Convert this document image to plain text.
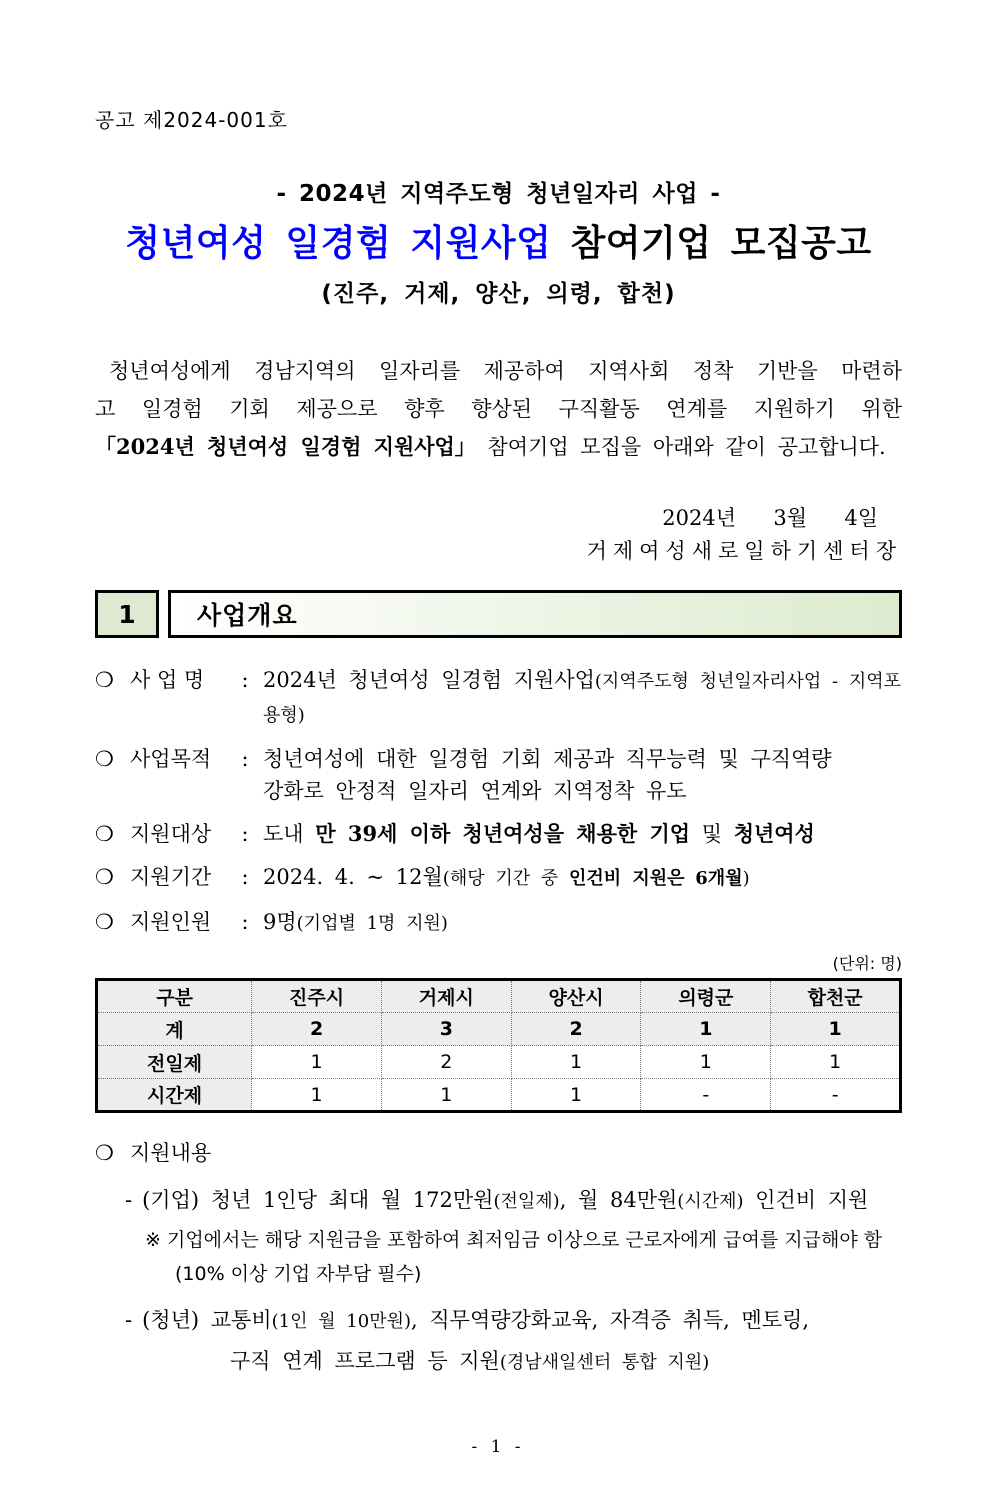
공고 제2024-001호
- 2024년 지역주도형 청년일자리 사업 -
청년여성 일경험 지원사업 참여기업 모집공고
(진주, 거제, 양산, 의령, 합천)
청년여성에게 경남지역의 일자리를 제공하여 지역사회 정착 기반을 마련하
고 일경험 기회 제공으로 향후 향상된 구직활동 연계를 지원하기 위한
「2024년 청년여성 일경험 지원사업」 참여기업 모집을 아래와 같이 공고합니다.
2024년  3월  4일
거제여성새로일하기센터장
1	사업개요
❍ 사 업 명	: 2024년 청년여성 일경험 지원사업(지역주도형 청년일자리사업 - 지역포용형)
❍ 사업목적	: 청년여성에 대한 일경험 기회 제공과 직무능력 및 구직역량
강화로 안정적 일자리 연계와 지역정착 유도
❍ 지원대상	: 도내 만 39세 이하 청년여성을 채용한 기업 및 청년여성
❍ 지원기간	: 2024. 4. ~ 12월(해당 기간 중 인건비 지원은 6개월)
❍ 지원인원	: 9명(기업별 1명 지원)
(단위: 명)
구분	진주시	거제시	양산시	의령군	합천군
계	2	3	2	1	1
전일제	1	2	1	1	1
시간제	1	1	1	-	-
❍ 지원내용
- (기업) 청년 1인당 최대 월 172만원(전일제), 월 84만원(시간제) 인건비 지원
※ 기업에서는 해당 지원금을 포함하여 최저임금 이상으로 근로자에게 급여를 지급해야 함
(10% 이상 기업 자부담 필수)
- (청년) 교통비(1인 월 10만원), 직무역량강화교육, 자격증 취득, 멘토링,
구직 연계 프로그램 등 지원(경남새일센터 통합 지원)
- 1 -
